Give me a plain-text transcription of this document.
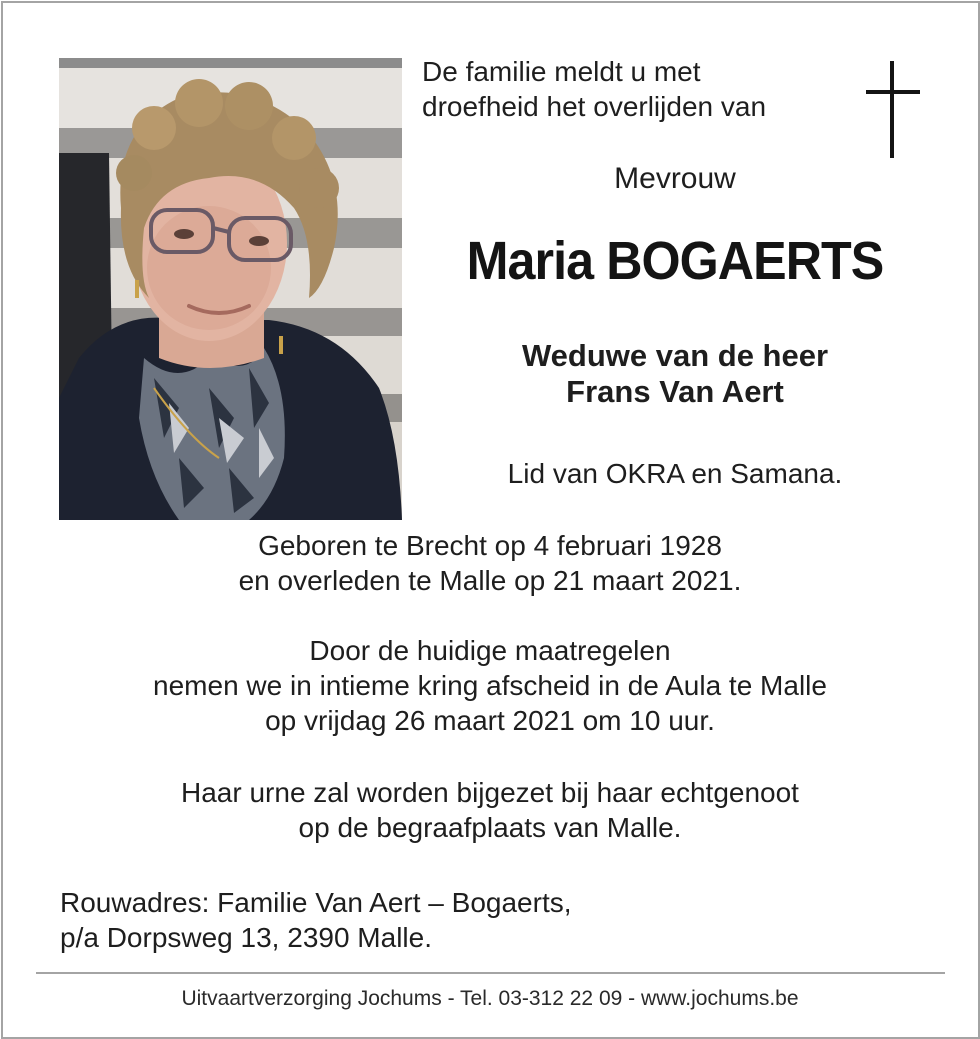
De familie meldt u met
droefheid het overlijden van
Mevrouw
Maria BOGAERTS
Weduwe van de heer
Frans Van Aert
Lid van OKRA en Samana.
Geboren te Brecht op 4 februari 1928
en overleden te Malle op 21 maart 2021.
Door de huidige maatregelen
nemen we in intieme kring afscheid in de Aula te Malle
op vrijdag 26 maart 2021 om 10 uur.
Haar urne zal worden bijgezet bij haar echtgenoot
op de begraafplaats van Malle.
Rouwadres: Familie Van Aert – Bogaerts,
p/a Dorpsweg 13, 2390 Malle.
Uitvaartverzorging Jochums - Tel. 03-312 22 09 - www.jochums.be
